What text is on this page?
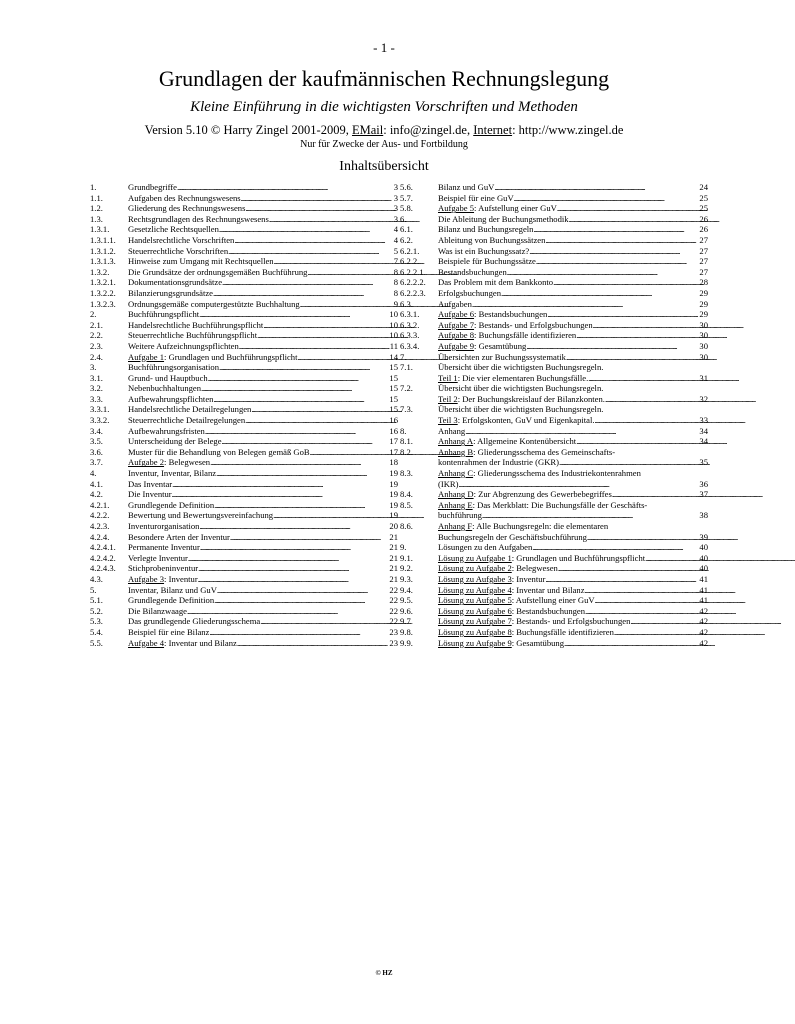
- 1 -
Grundlagen der kaufmännischen Rechnungslegung
Kleine Einführung in die wichtigsten Vorschriften und Methoden
Version 5.10 © Harry Zingel 2001-2009, EMail: info@zingel.de, Internet: http://www.zingel.de
Nur für Zwecke der Aus- und Fortbildung
Inhaltsübersicht
1.	Grundbegriffe . . .	3
1.1.	Aufgaben des Rechnungswesens . . .	3
1.2.	Gliederung des Rechnungswesens . . .	3
1.3.	Rechtsgrundlagen des Rechnungswesens . . .	3
1.3.1.	Gesetzliche Rechtsquellen . . .	4
1.3.1.1.	Handelsrechtliche Vorschriften . . .	4
1.3.1.2.	Steuerrechtliche Vorschriften . . .	5
1.3.1.3.	Hinweise zum Umgang mit Rechtsquellen . . .	7
1.3.2.	Die Grundsätze der ordnungsgemäßen Buchführung . . .	8
1.3.2.1.	Dokumentationsgrundsätze . . .	8
1.3.2.2.	Bilanzierungsgrundsätze . . .	8
1.3.2.3.	Ordnungsgemäße computergestützte Buchhaltung . . .	9
2.	Buchführungspflicht . . .	10
2.1.	Handelsrechtliche Buchführungspflicht . . .	10
2.2.	Steuerrechtliche Buchführungspflicht . . .	10
2.3.	Weitere Aufzeichnungspflichten . . .	11
2.4.	Aufgabe 1: Grundlagen und Buchführungspflicht . . .	14
3.	Buchführungsorganisation . . .	15
3.1.	Grund- und Hauptbuch . . .	15
3.2.	Nebenbuchhaltungen . . .	15
3.3.	Aufbewahrungspflichten . . .	15
3.3.1.	Handelsrechtliche Detailregelungen . . .	15
3.3.2.	Steuerrechtliche Detailregelungen . . .	16
3.4.	Aufbewahrungsfristen . . .	16
3.5.	Unterscheidung der Belege . . .	17
3.6.	Muster für die Behandlung von Belegen gemäß GoB . . .	17
3.7.	Aufgabe 2: Belegwesen . . .	18
4.	Inventur, Inventar, Bilanz . . .	19
4.1.	Das Inventar . . .	19
4.2.	Die Inventur . . .	19
4.2.1.	Grundlegende Definition . . .	19
4.2.2.	Bewertung und Bewertungsvereinfachung . . .	19
4.2.3.	Inventurorganisation . . .	20
4.2.4.	Besondere Arten der Inventur . . .	21
4.2.4.1.	Permanente Inventur . . .	21
4.2.4.2.	Verlegte Inventur . . .	21
4.2.4.3.	Stichprobeninventur . . .	21
4.3.	Aufgabe 3: Inventur . . .	21
5.	Inventar, Bilanz und GuV . . .	22
5.1.	Grundlegende Definition . . .	22
5.2.	Die Bilanzwaage . . .	22
5.3.	Das grundlegende Gliederungsschema . . .	22
5.4.	Beispiel für eine Bilanz . . .	23
5.5.	Aufgabe 4: Inventar und Bilanz . . .	23
5.6.	Bilanz und GuV . . .	24
5.7.	Beispiel für eine GuV . . .	25
5.8.	Aufgabe 5: Aufstellung einer GuV . . .	25
6.	Die Ableitung der Buchungsmethodik . . .	26
6.1.	Bilanz und Buchungsregeln . . .	26
6.2.	Ableitung von Buchungssätzen . . .	27
6.2.1.	Was ist ein Buchungssatz? . . .	27
6.2.2.	Beispiele für Buchungssätze . . .	27
6.2.2.1.	Bestandsbuchungen . . .	27
6.2.2.2.	Das Problem mit dem Bankkonto . . .	28
6.2.2.3.	Erfolgsbuchungen . . .	29
6.3.	Aufgaben . . .	29
6.3.1.	Aufgabe 6: Bestandsbuchungen . . .	29
6.3.2.	Aufgabe 7: Bestands- und Erfolgsbuchungen . . .	30
6.3.3.	Aufgabe 8: Buchungsfälle identifizieren . . .	30
6.3.4.	Aufgabe 9: Gesamtübung . . .	30
7.	Übersichten zur Buchungssystematik . . .	30
7.1.	Übersicht über die wichtigsten Buchungsregeln.
Teil 1: Die vier elementaren Buchungsfälle. . . .	31
7.2.	Übersicht über die wichtigsten Buchungsregeln.
Teil 2: Der Buchungskreislauf der Bilanzkonten. . . .	32
7.3.	Übersicht über die wichtigsten Buchungsregeln.
Teil 3: Erfolgskonten, GuV und Eigenkapital. . . .	33
8.	Anhang . . .	34
8.1.	Anhang A: Allgemeine Kontenübersicht . . .	34
8.2.	Anhang B: Gliederungsschema des Gemeinschafts-
kontenrahmen der Industrie (GKR) . . .	35
8.3.	Anhang C: Gliederungsschema des Industriekontenrahmen
(IKR) . . .	36
8.4.	Anhang D: Zur Abgrenzung des Gewerbebegriffes . . .	37
8.5.	Anhang E: Das Merkblatt: Die Buchungsfälle der Geschäfts-
buchführung . . .	38
8.6.	Anhang F: Alle Buchungsregeln: die elementaren
Buchungsregeln der Geschäftsbuchführung . . .	39
9.	Lösungen zu den Aufgaben . . .	40
9.1.	Lösung zu Aufgabe 1: Grundlagen und Buchführungspflicht . . .	40
9.2.	Lösung zu Aufgabe 2: Belegwesen . . .	40
9.3.	Lösung zu Aufgabe 3: Inventur . . .	41
9.4.	Lösung zu Aufgabe 4: Inventar und Bilanz . . .	41
9.5.	Lösung zu Aufgabe 5: Aufstellung einer GuV . . .	41
9.6.	Lösung zu Aufgabe 6: Bestandsbuchungen . . .	42
9.7.	Lösung zu Aufgabe 7: Bestands- und Erfolgsbuchungen . . .	42
9.8.	Lösung zu Aufgabe 8: Buchungsfälle identifizieren . . .	42
9.9.	Lösung zu Aufgabe 9: Gesamtübung . . .	42
© HZ
